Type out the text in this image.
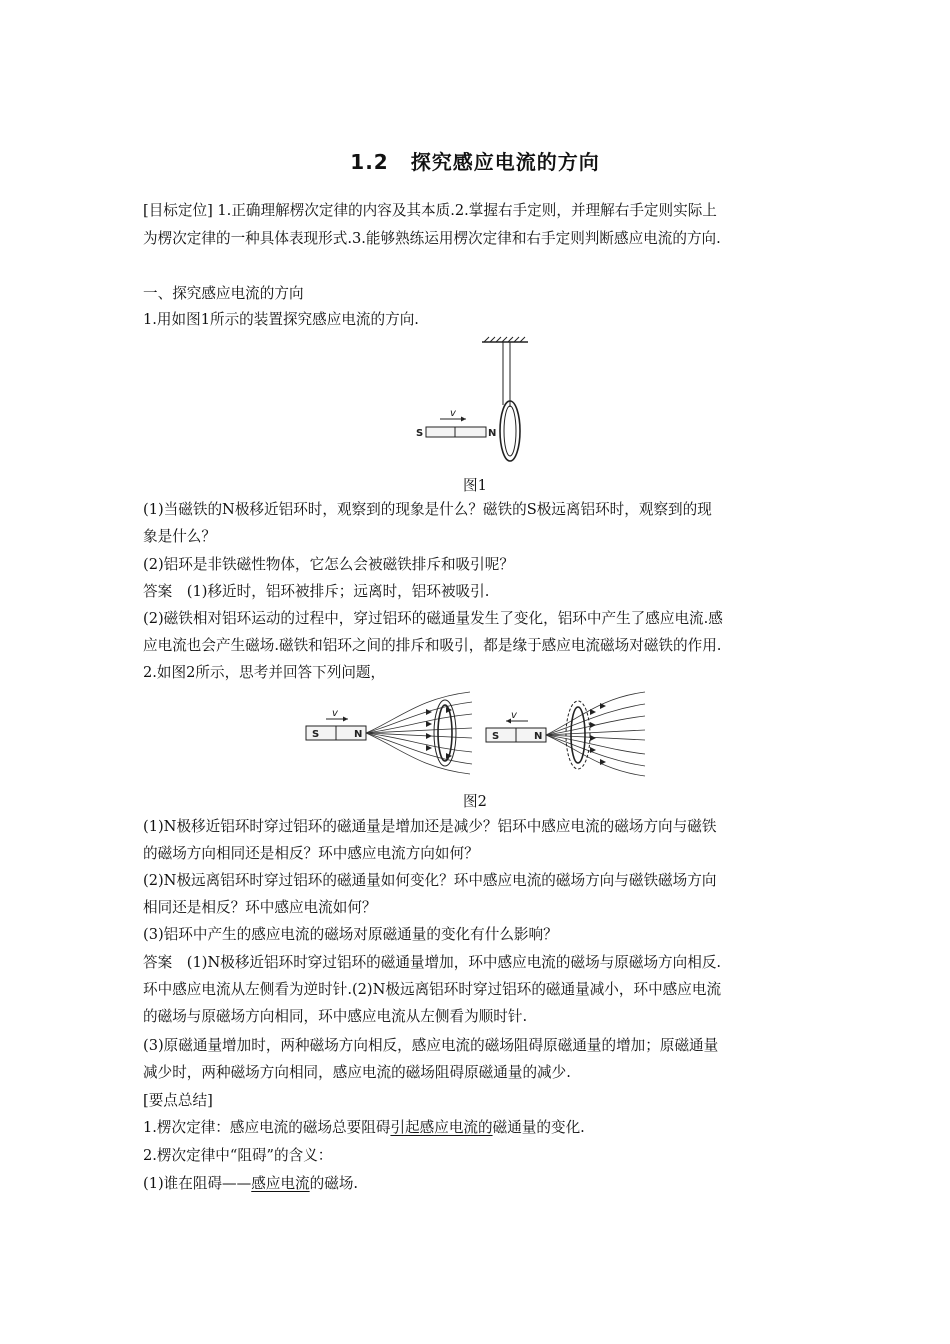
1.2 探究感应电流的方向
[目标定位] 1.正确理解楞次定律的内容及其本质.2.掌握右手定则，并理解右手定则实际上
为楞次定律的一种具体表现形式.3.能够熟练运用楞次定律和右手定则判断感应电流的方向.
一、探究感应电流的方向
1.用如图1所示的装置探究感应电流的方向.
v
S	N
图1
(1)当磁铁的N极移近铝环时，观察到的现象是什么？磁铁的S极远离铝环时，观察到的现
象是什么？
(2)铝环是非铁磁性物体，它怎么会被磁铁排斥和吸引呢？
答案　(1)移近时，铝环被排斥；远离时，铝环被吸引.
(2)磁铁相对铝环运动的过程中，穿过铝环的磁通量发生了变化，铝环中产生了感应电流.感
应电流也会产生磁场.磁铁和铝环之间的排斥和吸引，都是缘于感应电流磁场对磁铁的作用.
2.如图2所示，思考并回答下列问题，
v
S	N
v
S	N
图2
(1)N极移近铝环时穿过铝环的磁通量是增加还是减少？铝环中感应电流的磁场方向与磁铁
的磁场方向相同还是相反？环中感应电流方向如何？
(2)N极远离铝环时穿过铝环的磁通量如何变化？环中感应电流的磁场方向与磁铁磁场方向
相同还是相反？环中感应电流如何？
(3)铝环中产生的感应电流的磁场对原磁通量的变化有什么影响？
答案　(1)N极移近铝环时穿过铝环的磁通量增加，环中感应电流的磁场与原磁场方向相反.
环中感应电流从左侧看为逆时针.(2)N极远离铝环时穿过铝环的磁通量减小，环中感应电流
的磁场与原磁场方向相同，环中感应电流从左侧看为顺时针.
(3)原磁通量增加时，两种磁场方向相反，感应电流的磁场阻碍原磁通量的增加；原磁通量
减少时，两种磁场方向相同，感应电流的磁场阻碍原磁通量的减少.
[要点总结]
1.楞次定律：感应电流的磁场总要阻碍引起感应电流的磁通量的变化.
2.楞次定律中“阻碍”的含义：
(1)谁在阻碍——感应电流的磁场.
